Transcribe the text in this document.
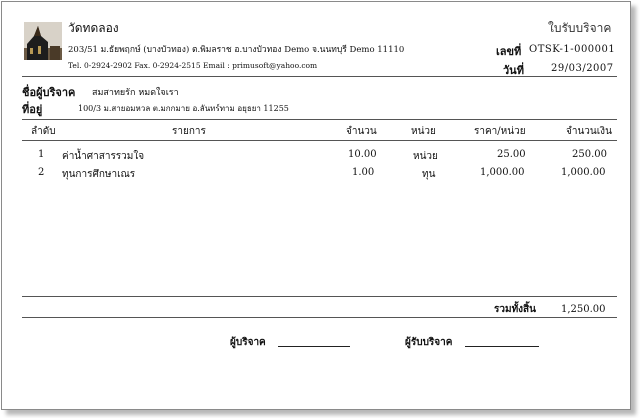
วัดทดลอง
203/51 ม.ธัยพฤกษ์ (บางบัวทอง) ต.พิมลราช อ.บางบัวทอง Demo จ.นนทบุรี Demo 11110
Tel. 0-2924-2902 Fax. 0-2924-2515 Email : primusoft@yahoo.com
ใบรับบริจาค
เลขที่ OTSK-1-000001
วันที่	29/03/2007
ชื่อผู้บริจาค สมสาทยรัก หมดใจเรา
ที่อยู่	100/3 ม.สายอมหวล ต.มกกมาย อ.ลันทร์ทาม อยุธยา 11255
ลำดับ	รายการ	จำนวน	หน่วย	ราคา/หน่วย	จำนวนเงิน
1 ค่าน้ำศาสารรวมใจ	10.00	หน่วย	25.00	250.00
2 ทุนการศึกษาเณร	1.00	ทุน	1,000.00	1,000.00
รวมทั้งสิ้น	1,250.00
ผู้บริจาค	ผู้รับบริจาค
